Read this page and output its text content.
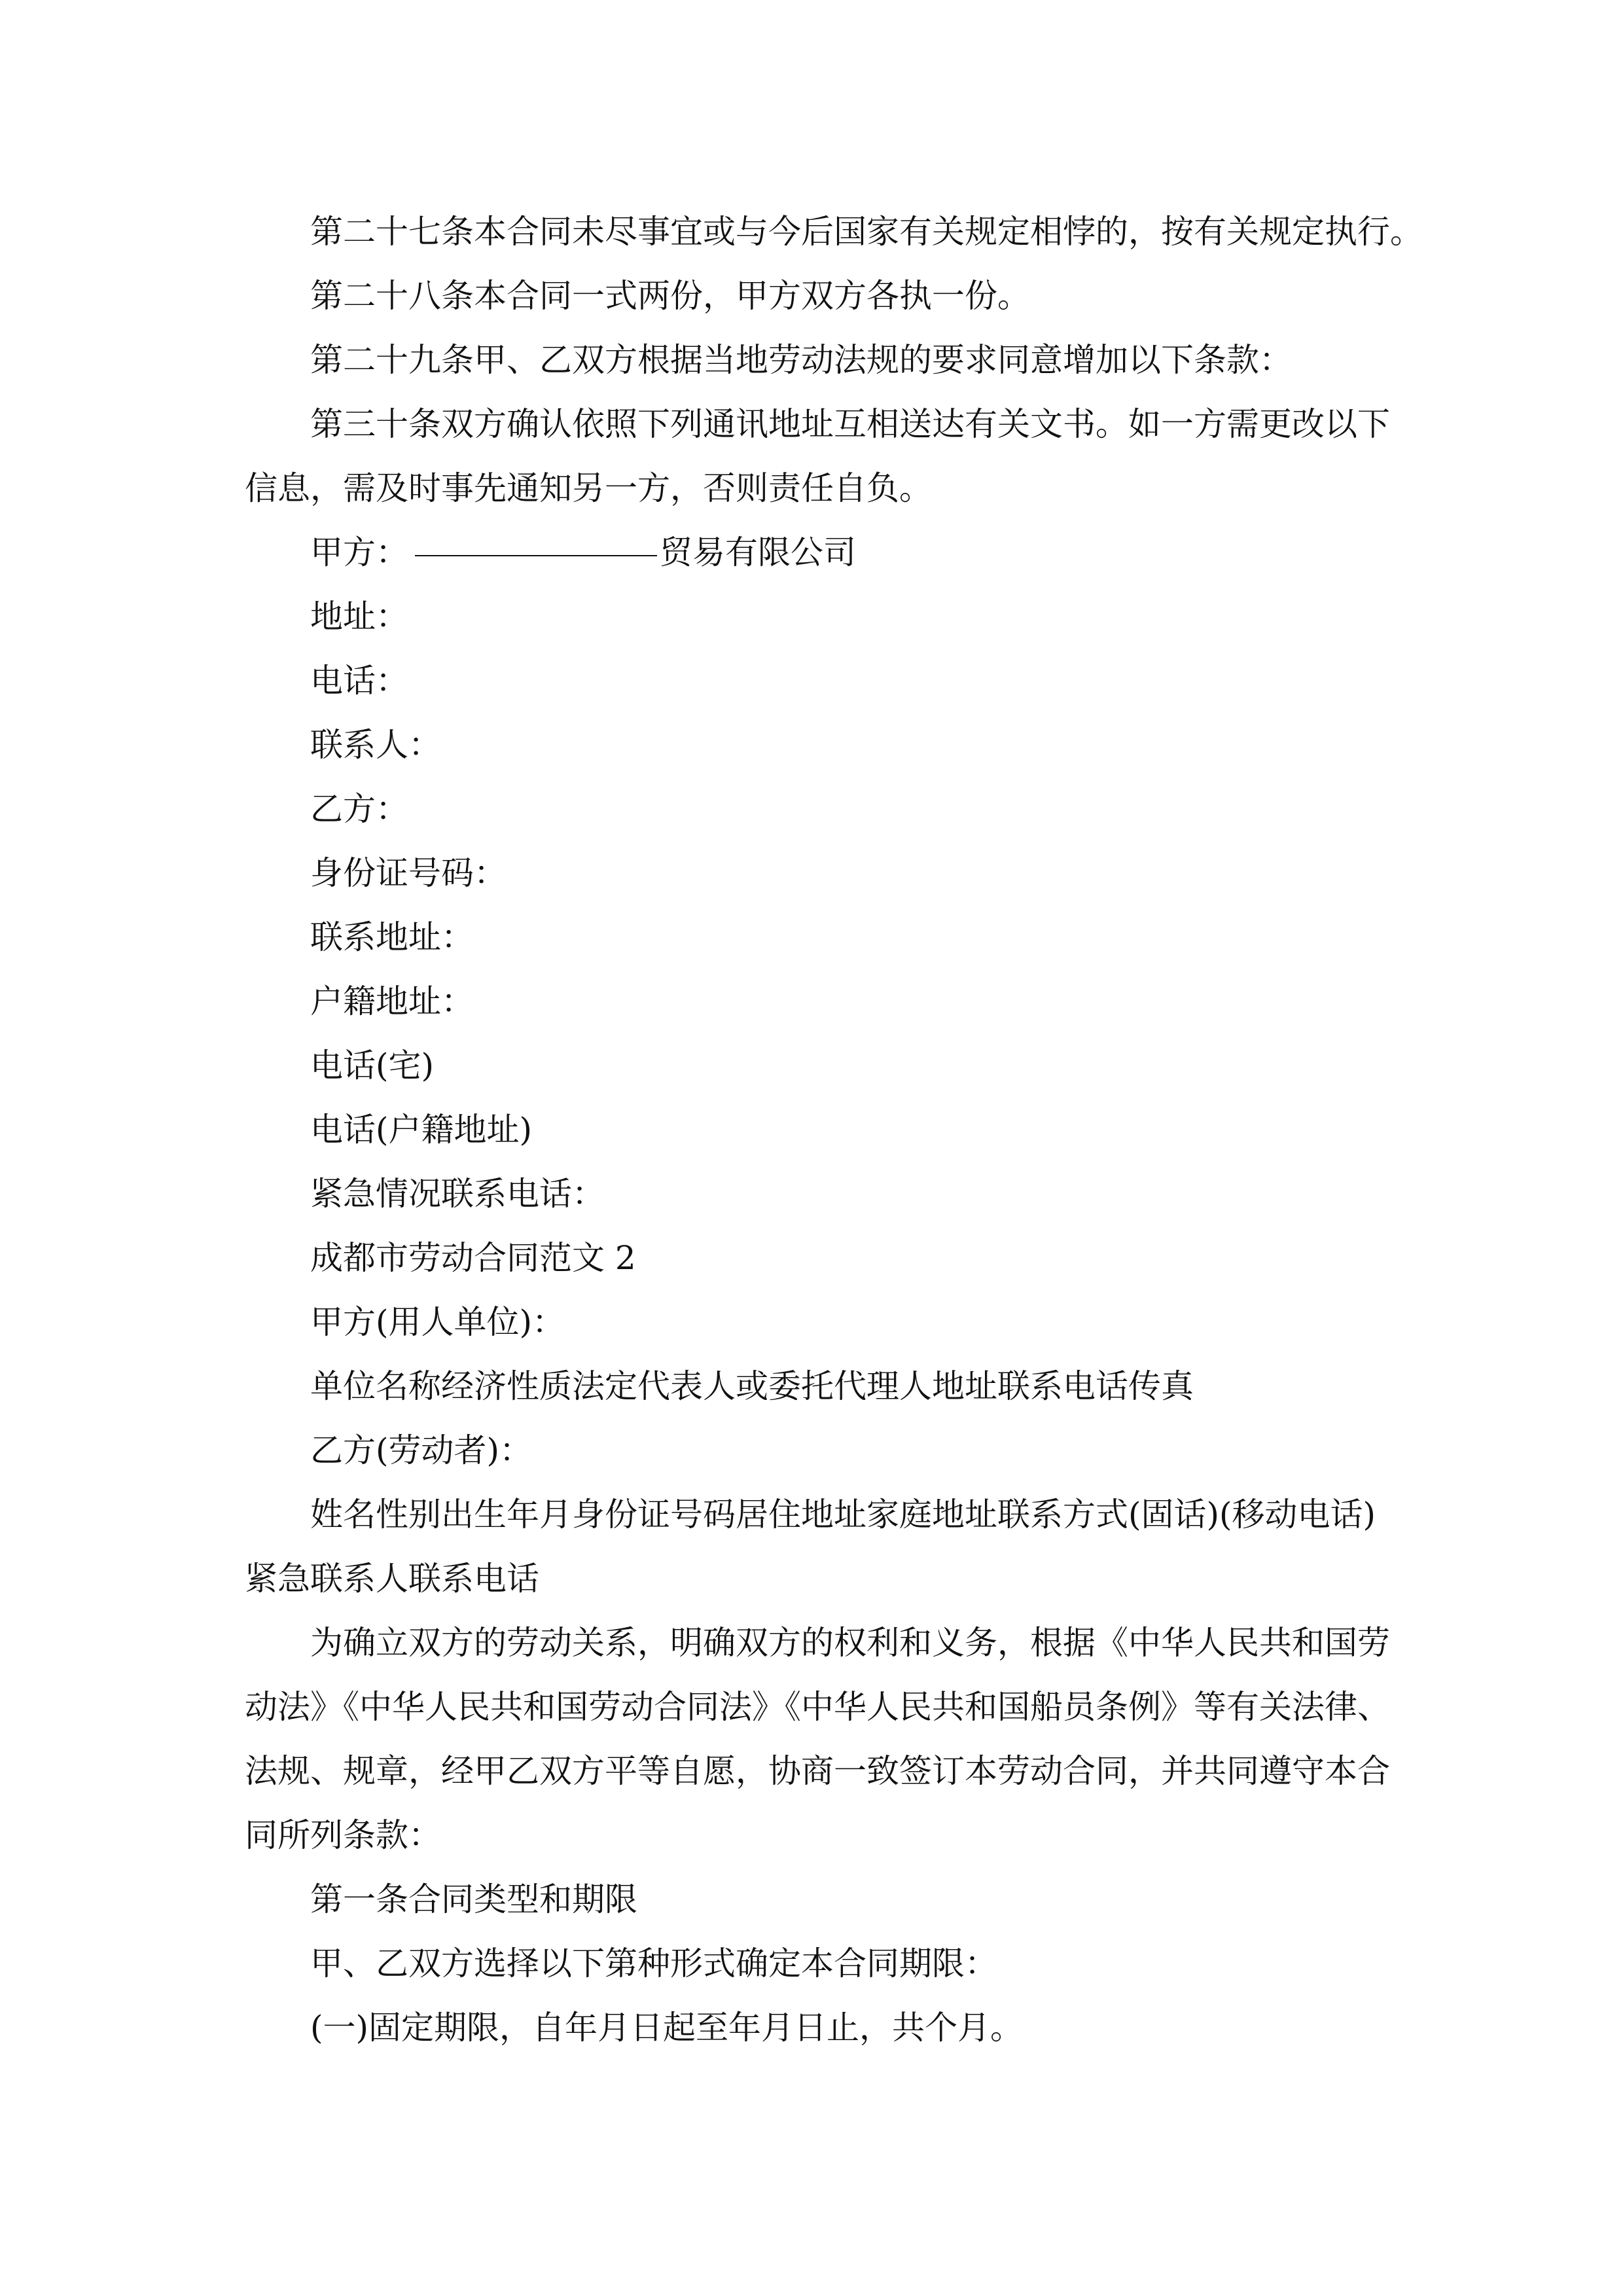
第二十七条本合同未尽事宜或与今后国家有关规定相悖的，按有关规定执行。
第二十八条本合同一式两份，甲方双方各执一份。
第二十九条甲、乙双方根据当地劳动法规的要求同意增加以下条款：
第三十条双方确认依照下列通讯地址互相送达有关文书。如一方需更改以下
信息，需及时事先通知另一方，否则责任自负。
甲方：	贸易有限公司
地址：
电话：
联系人：
乙方：
身份证号码：
联系地址：
户籍地址：
电话(宅)
电话(户籍地址)
紧急情况联系电话：
成都市劳动合同范文 2
甲方(用人单位)：
单位名称经济性质法定代表人或委托代理人地址联系电话传真
乙方(劳动者)：
姓名性别出生年月身份证号码居住地址家庭地址联系方式(固话)(移动电话)
紧急联系人联系电话
为确立双方的劳动关系，明确双方的权利和义务，根据《中华人民共和国劳
动法》《中华人民共和国劳动合同法》《中华人民共和国船员条例》等有关法律、
法规、规章，经甲乙双方平等自愿，协商一致签订本劳动合同，并共同遵守本合
同所列条款：
第一条合同类型和期限
甲、乙双方选择以下第种形式确定本合同期限：
(一)固定期限，自年月日起至年月日止，共个月。
